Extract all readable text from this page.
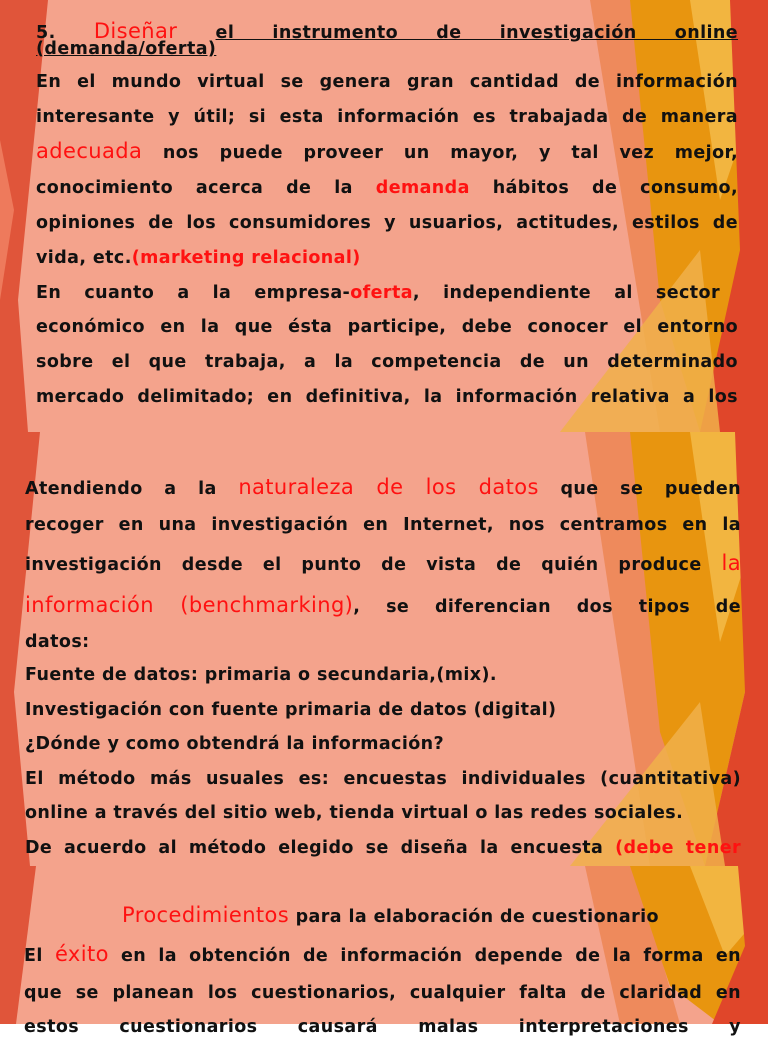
5. Diseñar el instrumento de investigación online
(demanda/oferta)
En el mundo virtual se genera gran cantidad de información
interesante y útil; si esta información es trabajada de manera
adecuada nos puede proveer un mayor, y tal vez mejor,
conocimiento acerca de la demanda hábitos de consumo,
opiniones de los consumidores y usuarios, actitudes, estilos de
vida, etc.(marketing relacional)
En cuanto a la empresa-oferta, independiente al sector
económico en la que ésta participe, debe conocer el entorno
sobre el que trabaja, a la competencia de un determinado
mercado delimitado; en definitiva, la información relativa a los
Atendiendo a la naturaleza de los datos que se pueden
recoger en una investigación en Internet, nos centramos en la
investigación desde el punto de vista de quién produce la
información (benchmarking), se diferencian dos tipos de
datos:
Fuente de datos: primaria o secundaria,(mix).
Investigación con fuente primaria de datos (digital)
¿Dónde y como obtendrá la información?
El método más usuales es: encuestas individuales (cuantitativa)
online a través del sitio web, tienda virtual o las redes sociales.
De acuerdo al método elegido se diseña la encuesta (debe tener
Procedimientos para la elaboración de cuestionario
El éxito en la obtención de información depende de la forma en
que se planean los cuestionarios, cualquier falta de claridad en
estos cuestionarios causará malas interpretaciones y
